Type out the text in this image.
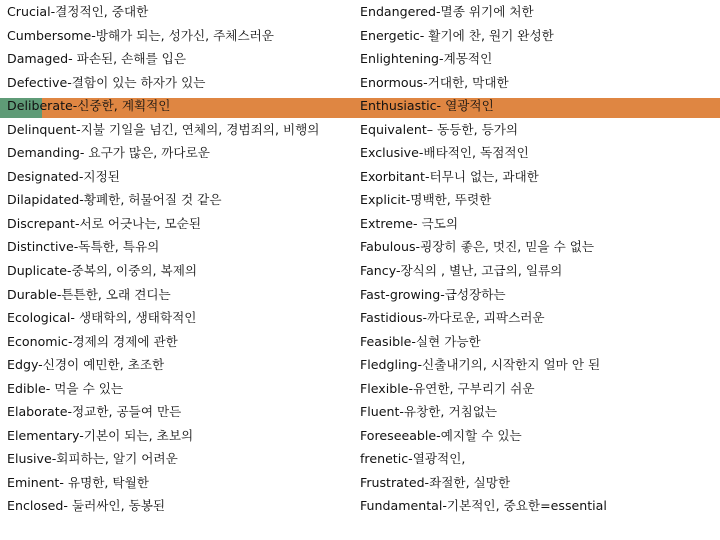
Crucial-결정적인, 중대한
Cumbersome-방해가 되는, 성가신, 주체스러운
Damaged- 파손된, 손해를 입은
Defective-결함이 있는 하자가 있는
Deliberate-신중한, 계획적인
Delinquent-지불 기일을 넘긴, 연체의, 경범죄의, 비행의
Demanding- 요구가 많은, 까다로운
Designated-지정된
Dilapidated-황폐한, 허물어질 것 같은
Discrepant-서로 어긋나는, 모순된
Distinctive-독특한, 특유의
Duplicate-중복의, 이중의, 복제의
Durable-튼튼한, 오래 견디는
Ecological- 생태학의, 생태학적인
Economic-경제의 경제에 관한
Edgy-신경이 예민한, 초조한
Edible- 먹을 수 있는
Elaborate-정교한, 공들여 만든
Elementary-기본이 되는, 초보의
Elusive-회피하는, 알기 어려운
Eminent- 유명한, 탁월한
Enclosed- 둘러싸인, 동봉된
Endangered-멸종 위기에 처한
Energetic- 활기에 찬, 원기 완성한
Enlightening-계몽적인
Enormous-거대한, 막대한
Enthusiastic- 열광적인
Equivalent– 동등한, 등가의
Exclusive-배타적인, 독점적인
Exorbitant-터무니 없는, 과대한
Explicit-명백한, 뚜렷한
Extreme- 극도의
Fabulous-굉장히 좋은, 멋진, 믿을 수 없는
Fancy-장식의 , 별난, 고급의, 일류의
Fast-growing-급성장하는
Fastidious-까다로운, 괴팍스러운
Feasible-실현 가능한
Fledgling-신출내기의, 시작한지 얼마 안 된
Flexible-유연한, 구부리기 쉬운
Fluent-유창한, 거침없는
Foreseeable-예지할 수 있는
frenetic-열광적인,
Frustrated-좌절한, 실망한
Fundamental-기본적인, 중요한=essential
